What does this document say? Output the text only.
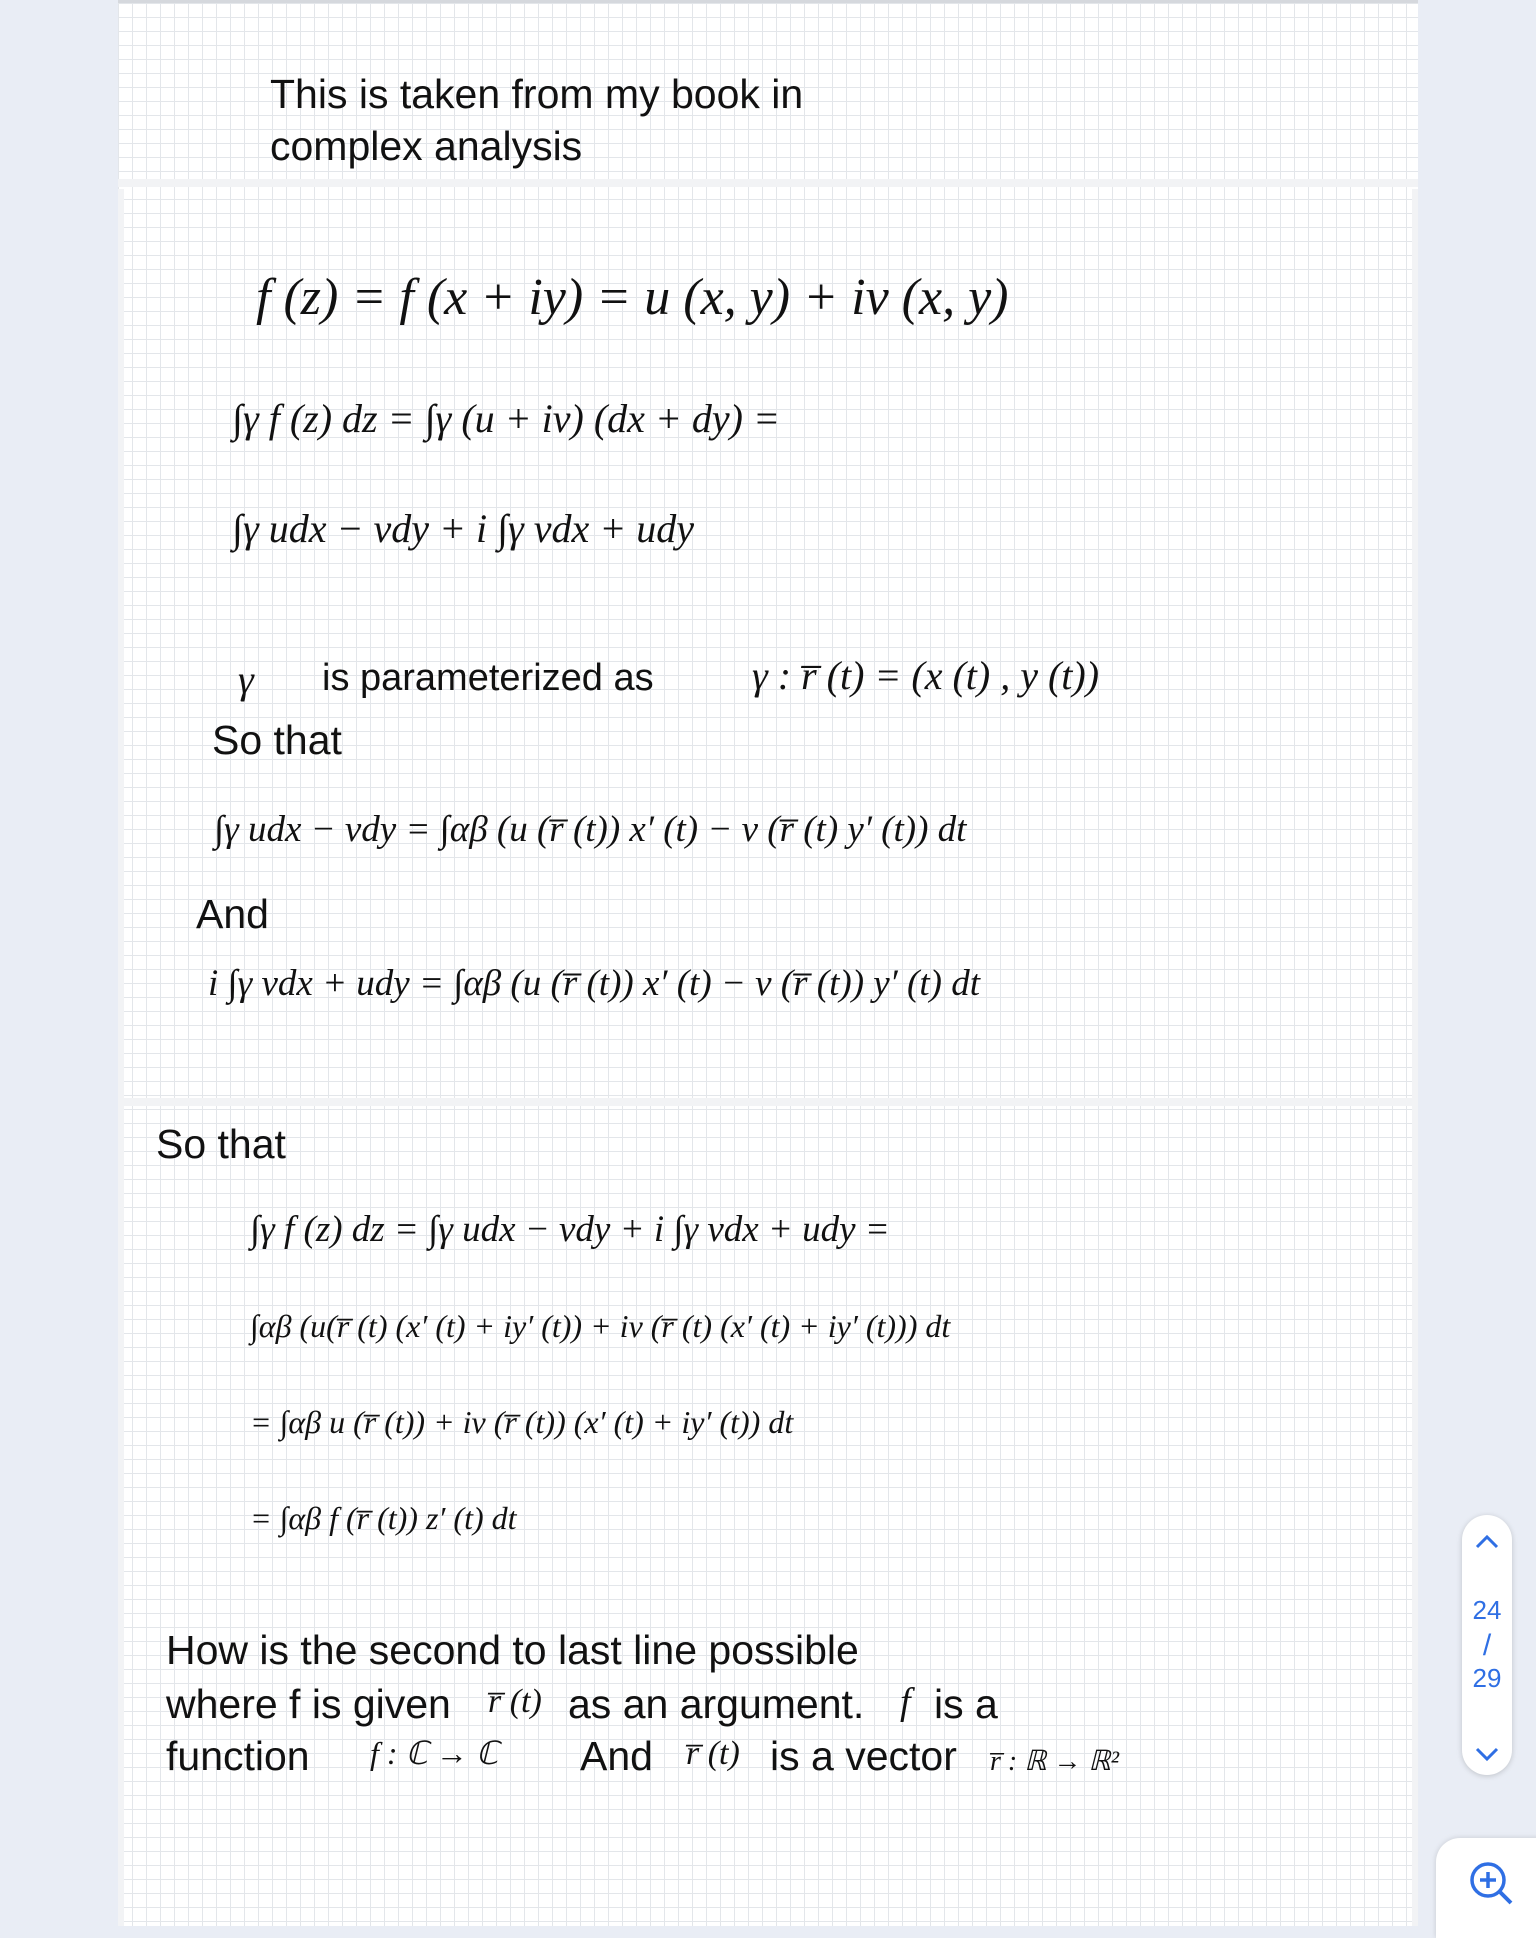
This is taken from my book in
complex analysis
f (z) = f (x + iy) = u (x, y) + iv (x, y)
∫γ f (z) dz = ∫γ (u + iv) (dx + dy) =
∫γ udx − vdy + i ∫γ vdx + udy
γ is parameterized as γ : r̅ (t) = (x (t) , y (t))
So that
∫γ udx − vdy = ∫αβ (u (r̅ (t)) x′ (t) − v (r̅ (t) y′ (t)) dt
And
i ∫γ vdx + udy = ∫αβ (u (r̅ (t)) x′ (t) − v (r̅ (t)) y′ (t) dt
So that
∫γ f (z) dz = ∫γ udx − vdy + i ∫γ vdx + udy =
∫αβ (u(r̅ (t) (x′ (t) + iy′ (t)) + iv (r̅ (t) (x′ (t) + iy′ (t))) dt
= ∫αβ u (r̅ (t)) + iv (r̅ (t)) (x′ (t) + iy′ (t)) dt
= ∫αβ f (r̅ (t)) z′ (t) dt
How is the second to last line possible
where f is given r̅ (t) as an argument. f is a
function f : ℂ → ℂ And r̅ (t) is a vector r̅ : ℝ → ℝ²
24
/
29
